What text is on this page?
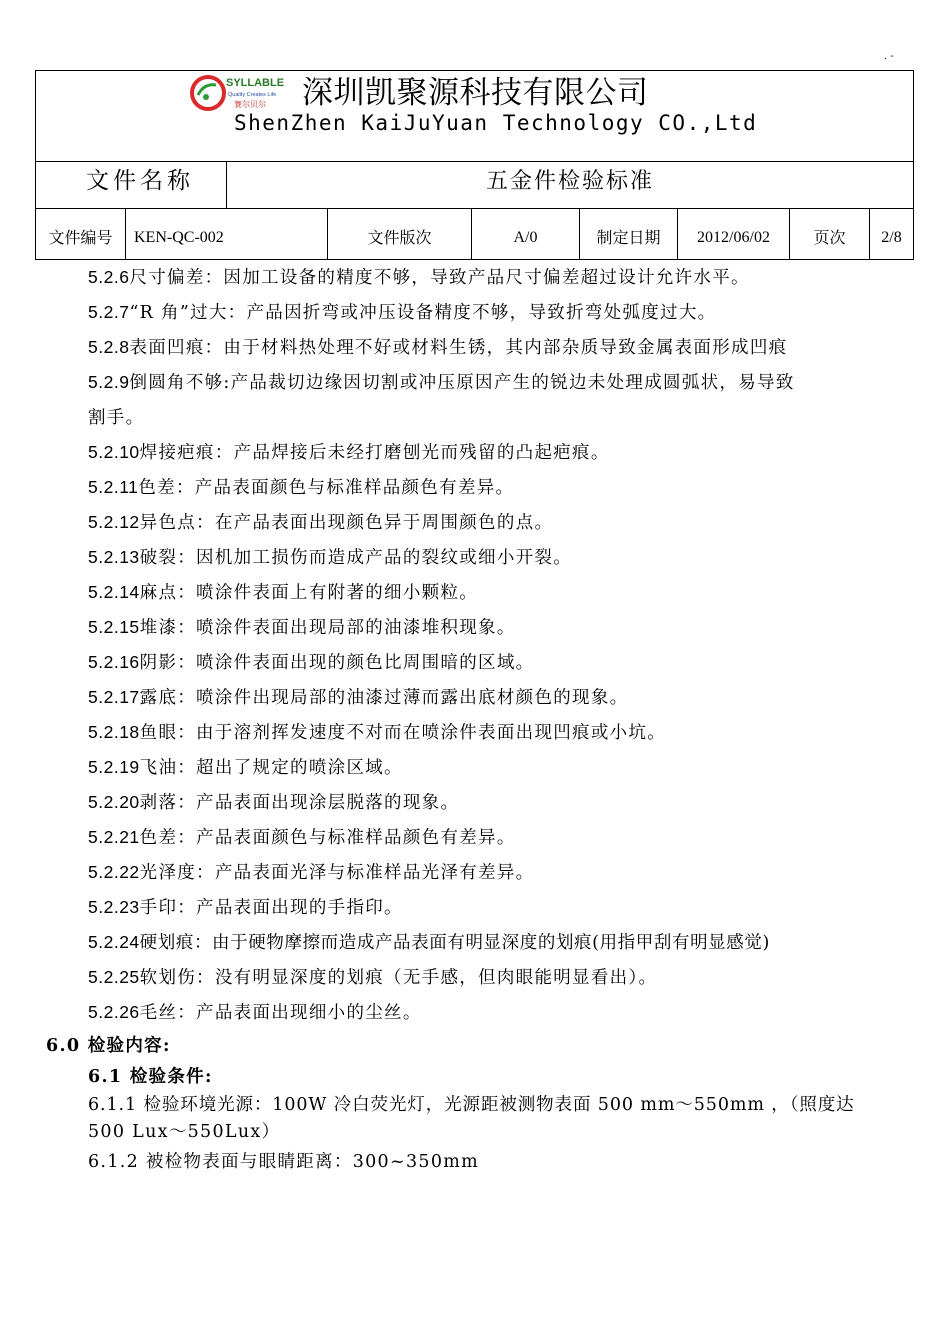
. -
SYLLABLE
Quality Creates Life
赛尔贝尔 深圳凯聚源科技有限公司
ShenZhen KaiJuYuan Technology CO.,Ltd
文件名称	五金件检验标准
文件编号	KEN-QC-002	文件版次	A/0	制定日期	2012/06/02	页次	2/8
5.2.6尺寸偏差：因加工设备的精度不够，导致产品尺寸偏差超过设计允许水平。
5.2.7“R 角”过大：产品因折弯或冲压设备精度不够，导致折弯处弧度过大。
5.2.8表面凹痕：由于材料热处理不好或材料生锈，其内部杂质导致金属表面形成凹痕
5.2.9倒圆角不够:产品裁切边缘因切割或冲压原因产生的锐边未处理成圆弧状，易导致
割手。
5.2.10焊接疤痕：产品焊接后未经打磨刨光而残留的凸起疤痕。
5.2.11色差：产品表面颜色与标准样品颜色有差异。
5.2.12异色点：在产品表面出现颜色异于周围颜色的点。
5.2.13破裂：因机加工损伤而造成产品的裂纹或细小开裂。
5.2.14麻点：喷涂件表面上有附著的细小颗粒。
5.2.15堆漆：喷涂件表面出现局部的油漆堆积现象。
5.2.16阴影：喷涂件表面出现的颜色比周围暗的区域。
5.2.17露底：喷涂件出现局部的油漆过薄而露出底材颜色的现象。
5.2.18鱼眼：由于溶剂挥发速度不对而在喷涂件表面出现凹痕或小坑。
5.2.19飞油：超出了规定的喷涂区域。
5.2.20剥落：产品表面出现涂层脱落的现象。
5.2.21色差：产品表面颜色与标准样品颜色有差异。
5.2.22光泽度：产品表面光泽与标准样品光泽有差异。
5.2.23手印：产品表面出现的手指印。
5.2.24硬划痕：由于硬物摩擦而造成产品表面有明显深度的划痕(用指甲刮有明显感觉)
5.2.25软划伤：没有明显深度的划痕（无手感，但肉眼能明显看出）。
5.2.26毛丝：产品表面出现细小的尘丝。
6.0 检验内容:
6.1 检验条件:
6.1.1 检验环境光源：100W 冷白荧光灯，光源距被测物表面 500 mm～550mm ，（照度达
500 Lux～550Lux）
6.1.2 被检物表面与眼睛距离：300~350mm
